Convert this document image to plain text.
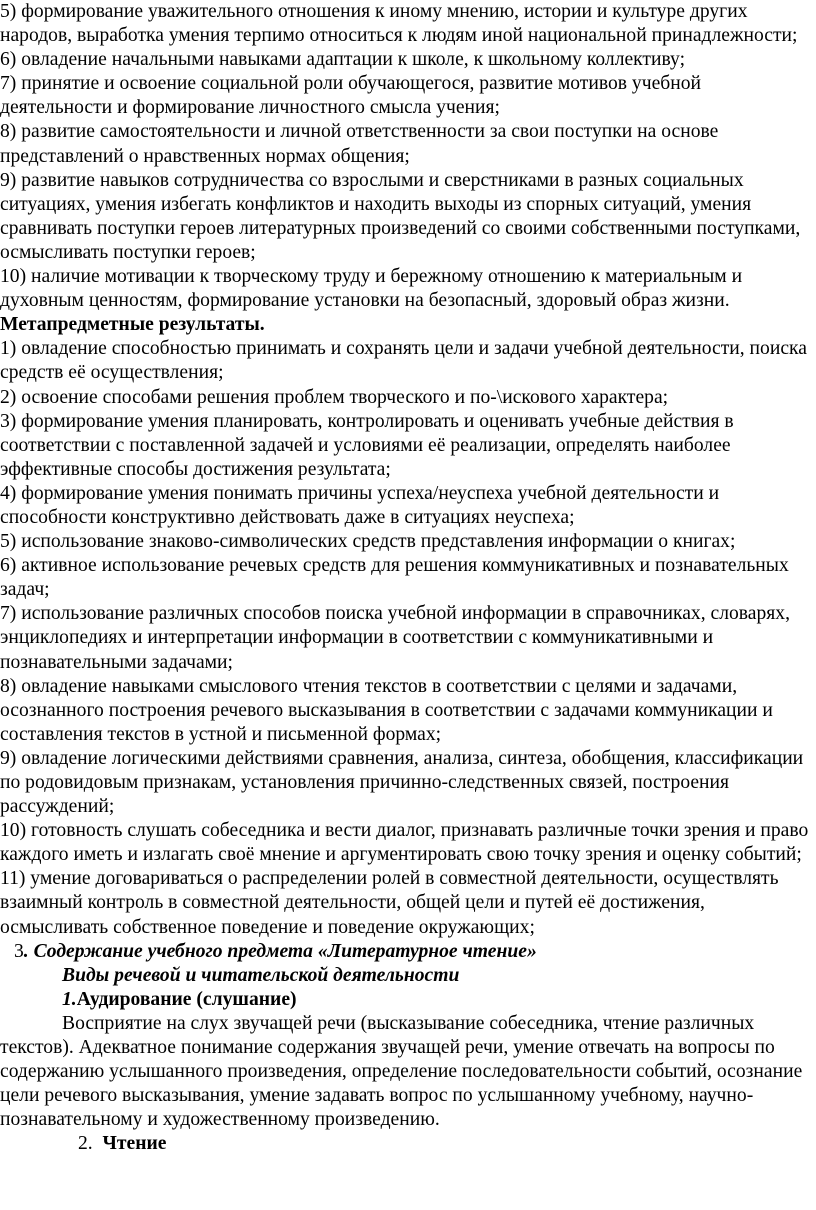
5) формирование уважительного отношения к иному мнению, истории и культуре других народов, выработка умения терпимо относиться к людям иной национальной принадлежности;

6) овладение начальными навыками адаптации к школе, к школьному коллективу;

7) принятие и освоение социальной роли обучающегося, развитие мотивов учебной деятельности и формирование личностного смысла учения;

8) развитие самостоятельности и личной ответственности за свои поступки на основе представлений о нравственных нормах общения;

9) развитие навыков сотрудничества со взрослыми и сверстниками в разных социальных ситуациях, умения избегать конфликтов и находить выходы из спорных ситуаций, умения сравнивать поступки героев литературных произведений со своими собственными поступками, осмысливать поступки героев;

10) наличие мотивации к творческому труду и бережному отношению к материальным и духовным ценностям, формирование установки на безопасный, здоровый образ жизни.

Метапредметные результаты.

1) овладение способностью принимать и сохранять цели и задачи учебной деятельности, поиска средств её осуществления;

2) освоение способами решения проблем творческого и по-\искового характера;

3) формирование умения планировать, контролировать и оценивать учебные действия в соответствии с поставленной задачей и условиями её реализации, определять наиболее эффективные способы достижения результата;

4) формирование умения понимать причины успеха/неуспеха учебной деятельности и способности конструктивно действовать даже в ситуациях неуспеха;

5) использование знаково-символических средств представления информации о книгах;

6) активное использование речевых средств для решения коммуникативных и познавательных задач;

7) использование различных способов поиска учебной информации в справочниках, словарях, энциклопедиях и интерпретации информации в соответствии с коммуникативными и познавательными задачами;

8) овладение навыками смыслового чтения текстов в соответствии с целями и задачами, осознанного построения речевого высказывания в соответствии с задачами коммуникации и составления текстов в устной и письменной формах;

9) овладение логическими действиями сравнения, анализа, синтеза, обобщения, классификации по родовидовым признакам, установления причинно-следственных связей, построения рассуждений;

10) готовность слушать собеседника и вести диалог, признавать различные точки зрения и право каждого иметь и излагать своё мнение и аргументировать свою точку зрения и оценку событий;

11) умение договариваться о распределении ролей в совместной деятельности, осуществлять взаимный контроль в совместной деятельности, общей цели и путей её достижения, осмысливать собственное поведение и поведение окружающих;

3. Содержание учебного предмета «Литературное чтение»

Виды речевой и читательской деятельности

1.Аудирование (слушание)

Восприятие на слух звучащей речи (высказывание собеседника, чтение различных текстов). Адекватное понимание содержания звучащей речи, умение отвечать на вопросы по содержанию услышанного произведения, определение последовательности событий, осознание цели речевого высказывания, умение задавать вопрос по услышанному учебному, научно-познавательному и художественному произведению.

2. Чтение
